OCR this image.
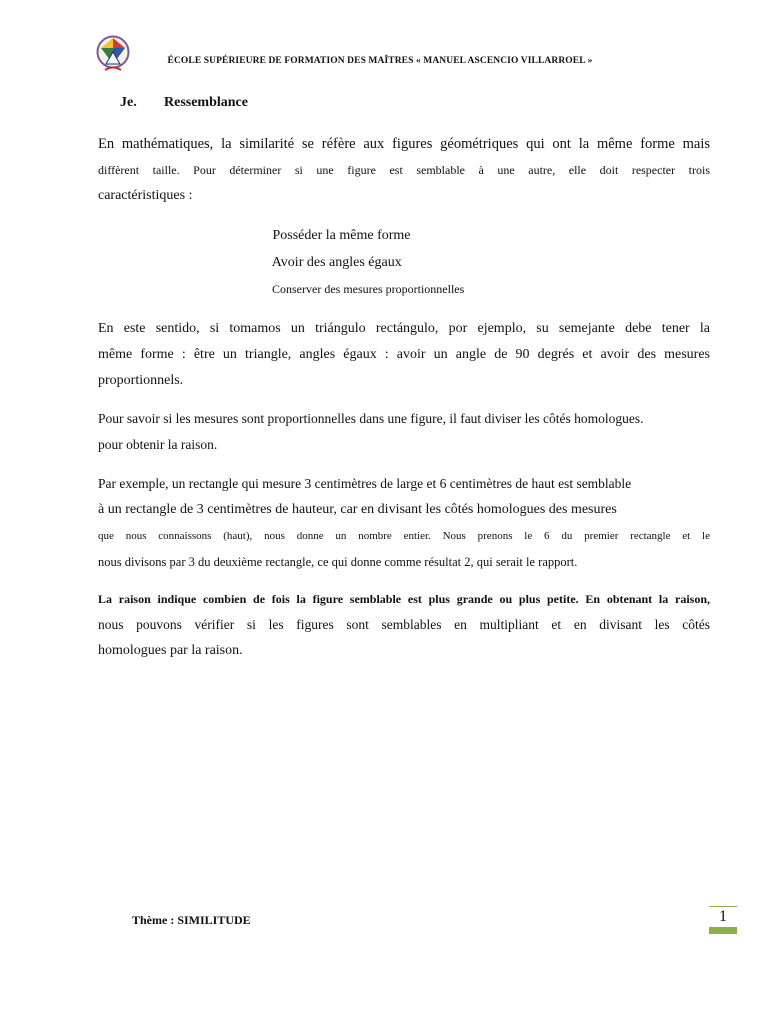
ÉCOLE SUPÉRIEURE DE FORMATION DES MAÎTRES « MANUEL ASCENCIO VILLARROEL »
Je. Ressemblance
En mathématiques, la similarité se réfère aux figures géométriques qui ont la même forme mais
diffèrent taille. Pour déterminer si une figure est semblable à une autre, elle doit respecter trois
caractéristiques :
Posséder la même forme
Avoir des angles égaux
Conserver des mesures proportionnelles
En este sentido, si tomamos un triángulo rectángulo, por ejemplo, su semejante debe tener la
même forme : être un triangle, angles égaux : avoir un angle de 90 degrés et avoir des mesures
proportionnels.
Pour savoir si les mesures sont proportionnelles dans une figure, il faut diviser les côtés homologues.
pour obtenir la raison.
Par exemple, un rectangle qui mesure 3 centimètres de large et 6 centimètres de haut est semblable
à un rectangle de 3 centimètres de hauteur, car en divisant les côtés homologues des mesures
que nous connaissons (haut), nous donne un nombre entier. Nous prenons le 6 du premier rectangle et le
nous divisons par 3 du deuxième rectangle, ce qui donne comme résultat 2, qui serait le rapport.
La raison indique combien de fois la figure semblable est plus grande ou plus petite. En obtenant la raison,
nous pouvons vérifier si les figures sont semblables en multipliant et en divisant les côtés
homologues par la raison.
Thème : SIMILITUDE	1
